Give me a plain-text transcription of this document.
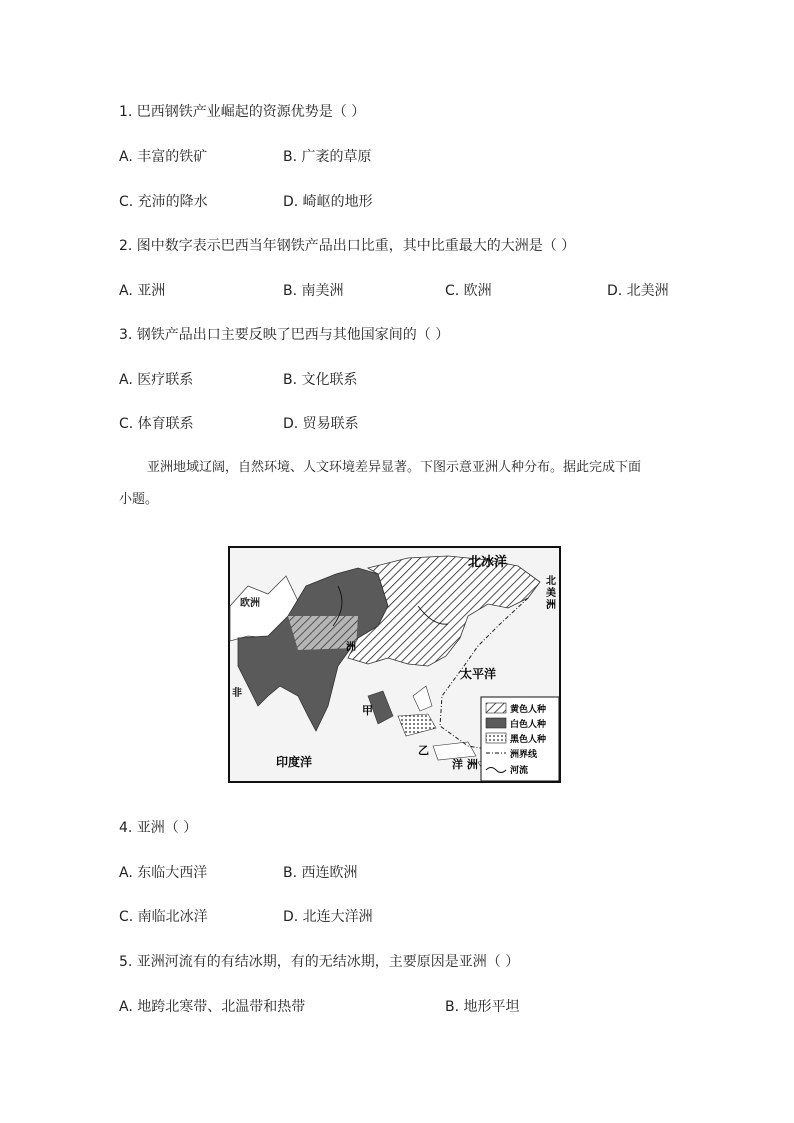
1. 巴西钢铁产业崛起的资源优势是（ ）
A. 丰富的铁矿	B. 广袤的草原
C. 充沛的降水	D. 崎岖的地形
2. 图中数字表示巴西当年钢铁产品出口比重，其中比重最大的大洲是（ ）
A. 亚洲	B. 南美洲	C. 欧洲	D. 北美洲
3. 钢铁产品出口主要反映了巴西与其他国家间的（ ）
A. 医疗联系	B. 文化联系
C. 体育联系	D. 贸易联系
亚洲地域辽阔，自然环境、人文环境差异显著。下图示意亚洲人种分布。据此完成下面
小题。
北冰洋
欧洲
北
美
洲
太平洋
印度洋
甲
乙
洋 洲
洲
非
黄色人种
白色人种
黑色人种
洲界线
河流
4. 亚洲（ ）
A. 东临大西洋	B. 西连欧洲
C. 南临北冰洋	D. 北连大洋洲
5. 亚洲河流有的有结冰期，有的无结冰期，主要原因是亚洲（ ）
A. 地跨北寒带、北温带和热带	B. 地形平坦
